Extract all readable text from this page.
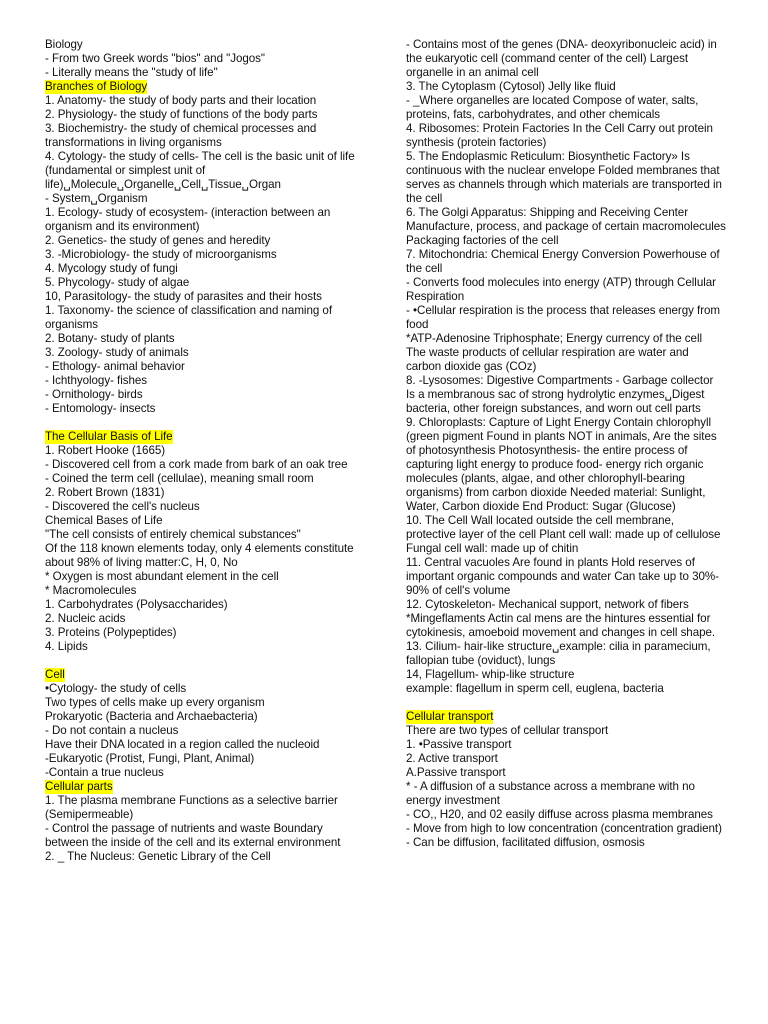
Biology
- From two Greek words "bios" and "Jogos"
- Literally means the "study of life"
Branches of Biology
1. Anatomy- the study of body parts and their location
2. Physiology- the study of functions of the body parts
3. Biochemistry- the study of chemical processes and
transformations in living organisms
4. Cytology- the study of cells- The cell is the basic unit of life
(fundamental or simplest unit of
life)␣Molecule␣Organelle␣Cell␣Tissue␣Organ
- System␣Organism
1. Ecology- study of ecosystem- (interaction between an
organism and its environment)
2. Genetics- the study of genes and heredity
3. -Microbiology- the study of microorganisms
4. Mycology study of fungi
5. Phycology- study of algae
10, Parasitology- the study of parasites and their hosts
1. Taxonomy- the science of classification and naming of
organisms
2. Botany- study of plants
3. Zoology- study of animals
- Ethology- animal behavior
- Ichthyology- fishes
- Ornithology- birds
- Entomology- insects
The Cellular Basis of Life
1. Robert Hooke (1665)
- Discovered cell from a cork made from bark of an oak tree
- Coined the term cell (cellulae), meaning small room
2. Robert Brown (1831)
- Discovered the cell's nucleus
Chemical Bases of Life
"The cell consists of entirely chemical substances"
Of the 118 known elements today, only 4 elements constitute
about 98% of living matter:C, H, 0, No
* Oxygen is most abundant element in the cell
* Macromolecules
1. Carbohydrates (Polysaccharides)
2. Nucleic acids
3. Proteins (Polypeptides)
4. Lipids
Cell
•Cytology- the study of cells
Two types of cells make up every organism
Prokaryotic (Bacteria and Archaebacteria)
- Do not contain a nucleus
Have their DNA located in a region called the nucleoid
-Eukaryotic (Protist, Fungi, Plant, Animal)
-Contain a true nucleus
Cellular parts
1. The plasma membrane Functions as a selective barrier
(Semipermeable)
- Control the passage of nutrients and waste Boundary
between the inside of the cell and its external environment
2. _ The Nucleus: Genetic Library of the Cell
- Contains most of the genes (DNA- deoxyribonucleic acid) in
the eukaryotic cell (command center of the cell) Largest
organelle in an animal cell
3. The Cytoplasm (Cytosol) Jelly like fluid
- _Where organelles are located Compose of water, salts,
proteins, fats, carbohydrates, and other chemicals
4. Ribosomes: Protein Factories In the Cell Carry out protein
synthesis (protein factories)
5. The Endoplasmic Reticulum: Biosynthetic Factory» Is
continuous with the nuclear envelope Folded membranes that
serves as channels through which materials are transported in
the cell
6. The Golgi Apparatus: Shipping and Receiving Center
Manufacture, process, and package of certain macromolecules
Packaging factories of the cell
7. Mitochondria: Chemical Energy Conversion Powerhouse of
the cell
- Converts food molecules into energy (ATP) through Cellular
Respiration
- •Cellular respiration is the process that releases energy from
food
*ATP-Adenosine Triphosphate; Energy currency of the cell
The waste products of cellular respiration are water and
carbon dioxide gas (COz)
8. -Lysosomes: Digestive Compartments - Garbage collector
Is a membranous sac of strong hydrolytic enzymes␣Digest
bacteria, other foreign substances, and worn out cell parts
9. Chloroplasts: Capture of Light Energy Contain chlorophyll
(green pigment Found in plants NOT in animals, Are the sites
of photosynthesis Photosynthesis- the entire process of
capturing light energy to produce food- energy rich organic
molecules (plants, algae, and other chlorophyll-bearing
organisms) from carbon dioxide Needed material: Sunlight,
Water, Carbon dioxide End Product: Sugar (Glucose)
10. The Cell Wall located outside the cell membrane,
protective layer of the cell Plant cell wall: made up of cellulose
Fungal cell wall: made up of chitin
11. Central vacuoles Are found in plants Hold reserves of
important organic compounds and water Can take up to 30%-
90% of cell's volume
12. Cytoskeleton- Mechanical support, network of fibers
*Mingeflaments Actin cal mens are the hintures essential for
cytokinesis, amoeboid movement and changes in cell shape.
13. Cilium- hair-like structure␣example: cilia in paramecium,
fallopian tube (oviduct), lungs
14, Flagellum- whip-like structure
example: flagellum in sperm cell, euglena, bacteria
Cellular transport
There are two types of cellular transport
1. •Passive transport
2. Active transport
A.Passive transport
* - A diffusion of a substance across a membrane with no
energy investment
- CO,, H20, and 02 easily diffuse across plasma membranes
- Move from high to low concentration (concentration gradient)
- Can be diffusion, facilitated diffusion, osmosis
